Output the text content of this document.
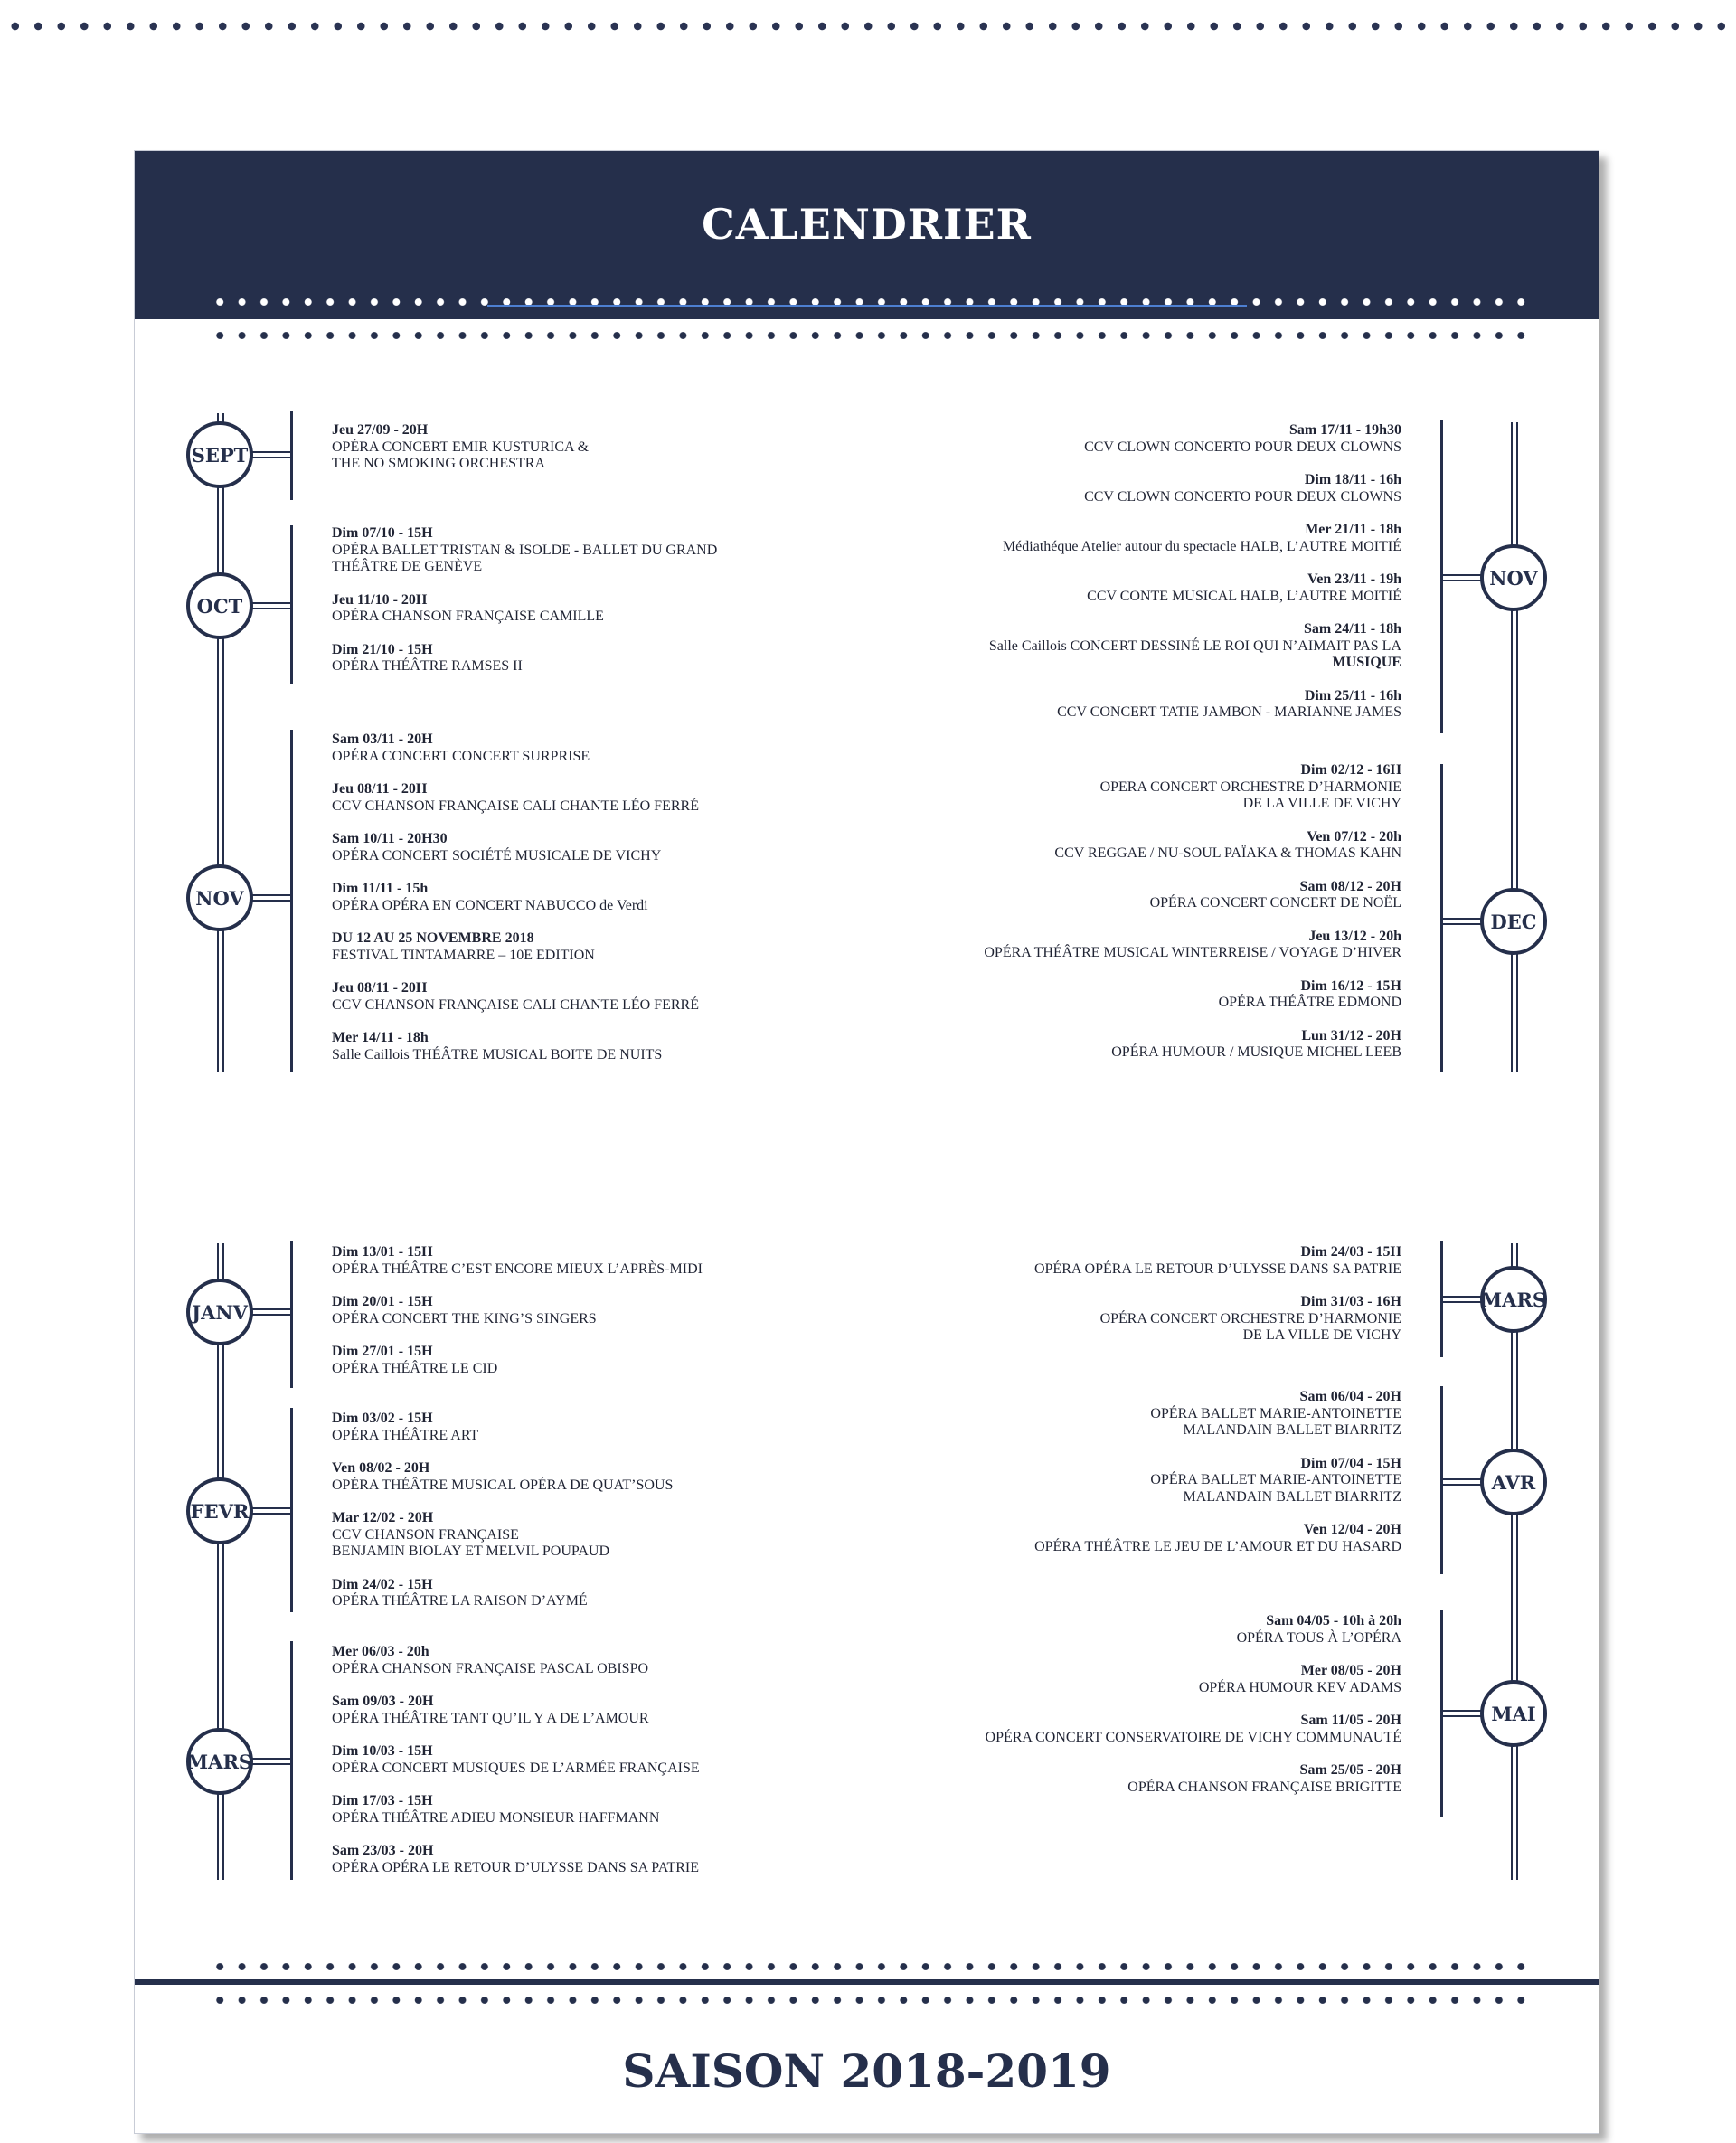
CALENDRIER
SEPT
OCT
NOV
Jeu 27/09 - 20H
OPÉRA CONCERT EMIR KUSTURICA &
THE NO SMOKING ORCHESTRA
Dim 07/10 - 15H
OPÉRA BALLET TRISTAN & ISOLDE - BALLET DU GRAND
THÉÂTRE DE GENÈVE
Jeu 11/10 - 20H
OPÉRA CHANSON FRANÇAISE CAMILLE
Dim 21/10 - 15H
OPÉRA THÉÂTRE RAMSES II
Sam 03/11 - 20H
OPÉRA CONCERT CONCERT SURPRISE
Jeu 08/11 - 20H
CCV CHANSON FRANÇAISE CALI CHANTE LÉO FERRÉ
Sam 10/11 - 20H30
OPÉRA CONCERT SOCIÉTÉ MUSICALE DE VICHY
Dim 11/11 - 15h
OPÉRA OPÉRA EN CONCERT NABUCCO de Verdi
DU 12 AU 25 NOVEMBRE 2018
FESTIVAL TINTAMARRE – 10E EDITION
Jeu 08/11 - 20H
CCV CHANSON FRANÇAISE CALI CHANTE LÉO FERRÉ
Mer 14/11 - 18h
Salle Caillois THÉÂTRE MUSICAL BOITE DE NUITS
NOV
DEC
Sam 17/11 - 19h30
CCV CLOWN CONCERTO POUR DEUX CLOWNS
Dim 18/11 - 16h
CCV CLOWN CONCERTO POUR DEUX CLOWNS
Mer 21/11 - 18h
Médiathéque Atelier autour du spectacle HALB, L’AUTRE MOITIÉ
Ven 23/11 - 19h
CCV CONTE MUSICAL HALB, L’AUTRE MOITIÉ
Sam 24/11 - 18h
Salle Caillois CONCERT DESSINÉ LE ROI QUI N’AIMAIT PAS LA
MUSIQUE
Dim 25/11 - 16h
CCV CONCERT TATIE JAMBON - MARIANNE JAMES
Dim 02/12 - 16H
OPERA CONCERT ORCHESTRE D’HARMONIE
DE LA VILLE DE VICHY
Ven 07/12 - 20h
CCV REGGAE / NU-SOUL PAÏAKA & THOMAS KAHN
Sam 08/12 - 20H
OPÉRA CONCERT CONCERT DE NOËL
Jeu 13/12 - 20h
OPÉRA THÉÂTRE MUSICAL WINTERREISE / VOYAGE D’HIVER
Dim 16/12 - 15H
OPÉRA THÉÂTRE EDMOND
Lun 31/12 - 20H
OPÉRA HUMOUR / MUSIQUE MICHEL LEEB
JANV
FEVR
MARS
Dim 13/01 - 15H
OPÉRA THÉÂTRE C’EST ENCORE MIEUX L’APRÈS-MIDI
Dim 20/01 - 15H
OPÉRA CONCERT THE KING’S SINGERS
Dim 27/01 - 15H
OPÉRA THÉÂTRE LE CID
Dim 03/02 - 15H
OPÉRA THÉÂTRE ART
Ven 08/02 - 20H
OPÉRA THÉÂTRE MUSICAL OPÉRA DE QUAT’SOUS
Mar 12/02 - 20H
CCV CHANSON FRANÇAISE
BENJAMIN BIOLAY ET MELVIL POUPAUD
Dim 24/02 - 15H
OPÉRA THÉÂTRE LA RAISON D’AYMÉ
Mer 06/03 - 20h
OPÉRA CHANSON FRANÇAISE PASCAL OBISPO
Sam 09/03 - 20H
OPÉRA THÉÂTRE TANT QU’IL Y A DE L’AMOUR
Dim 10/03 - 15H
OPÉRA CONCERT MUSIQUES DE L’ARMÉE FRANÇAISE
Dim 17/03 - 15H
OPÉRA THÉÂTRE ADIEU MONSIEUR HAFFMANN
Sam 23/03 - 20H
OPÉRA OPÉRA LE RETOUR D’ULYSSE DANS SA PATRIE
MARS
AVR
MAI
Dim 24/03 - 15H
OPÉRA OPÉRA LE RETOUR D’ULYSSE DANS SA PATRIE
Dim 31/03 - 16H
OPÉRA CONCERT ORCHESTRE D’HARMONIE
DE LA VILLE DE VICHY
Sam 06/04 - 20H
OPÉRA BALLET MARIE-ANTOINETTE
MALANDAIN BALLET BIARRITZ
Dim 07/04 - 15H
OPÉRA BALLET MARIE-ANTOINETTE
MALANDAIN BALLET BIARRITZ
Ven 12/04 - 20H
OPÉRA THÉÂTRE LE JEU DE L’AMOUR ET DU HASARD
Sam 04/05 - 10h à 20h
OPÉRA TOUS À L’OPÉRA
Mer 08/05 - 20H
OPÉRA HUMOUR KEV ADAMS
Sam 11/05 - 20H
OPÉRA CONCERT CONSERVATOIRE DE VICHY COMMUNAUTÉ
Sam 25/05 - 20H
OPÉRA CHANSON FRANÇAISE BRIGITTE
SAISON 2018-2019
